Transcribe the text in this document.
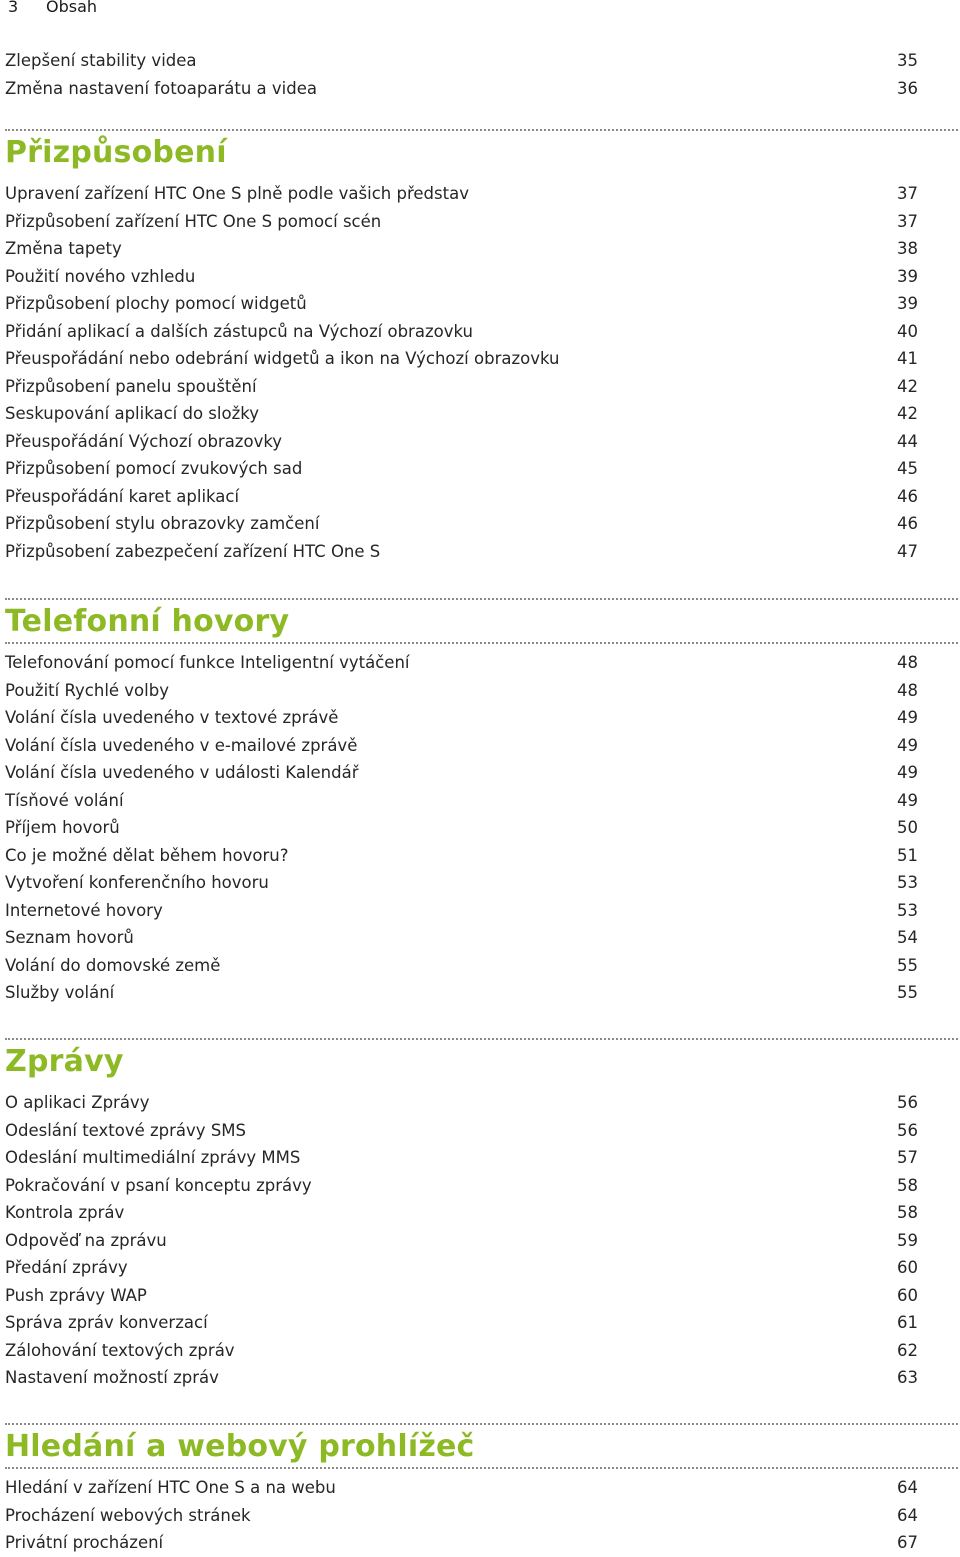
3 Obsah
Zlepšení stability videa	35
Změna nastavení fotoaparátu a videa	36
Přizpůsobení
Upravení zařízení HTC One S plně podle vašich představ	37
Přizpůsobení zařízení HTC One S pomocí scén	37
Změna tapety	38
Použití nového vzhledu	39
Přizpůsobení plochy pomocí widgetů	39
Přidání aplikací a dalších zástupců na Výchozí obrazovku	40
Přeuspořádání nebo odebrání widgetů a ikon na Výchozí obrazovku	41
Přizpůsobení panelu spouštění	42
Seskupování aplikací do složky	42
Přeuspořádání Výchozí obrazovky	44
Přizpůsobení pomocí zvukových sad	45
Přeuspořádání karet aplikací	46
Přizpůsobení stylu obrazovky zamčení	46
Přizpůsobení zabezpečení zařízení HTC One S	47
Telefonní hovory
Telefonování pomocí funkce Inteligentní vytáčení	48
Použití Rychlé volby	48
Volání čísla uvedeného v textové zprávě	49
Volání čísla uvedeného v e-mailové zprávě	49
Volání čísla uvedeného v události Kalendář	49
Tísňové volání	49
Příjem hovorů	50
Co je možné dělat během hovoru?	51
Vytvoření konferenčního hovoru	53
Internetové hovory	53
Seznam hovorů	54
Volání do domovské země	55
Služby volání	55
Zprávy
O aplikaci Zprávy	56
Odeslání textové zprávy SMS	56
Odeslání multimediální zprávy MMS	57
Pokračování v psaní konceptu zprávy	58
Kontrola zpráv	58
Odpověď na zprávu	59
Předání zprávy	60
Push zprávy WAP	60
Správa zpráv konverzací	61
Zálohování textových zpráv	62
Nastavení možností zpráv	63
Hledání a webový prohlížeč
Hledání v zařízení HTC One S a na webu	64
Procházení webových stránek	64
Privátní procházení	67
